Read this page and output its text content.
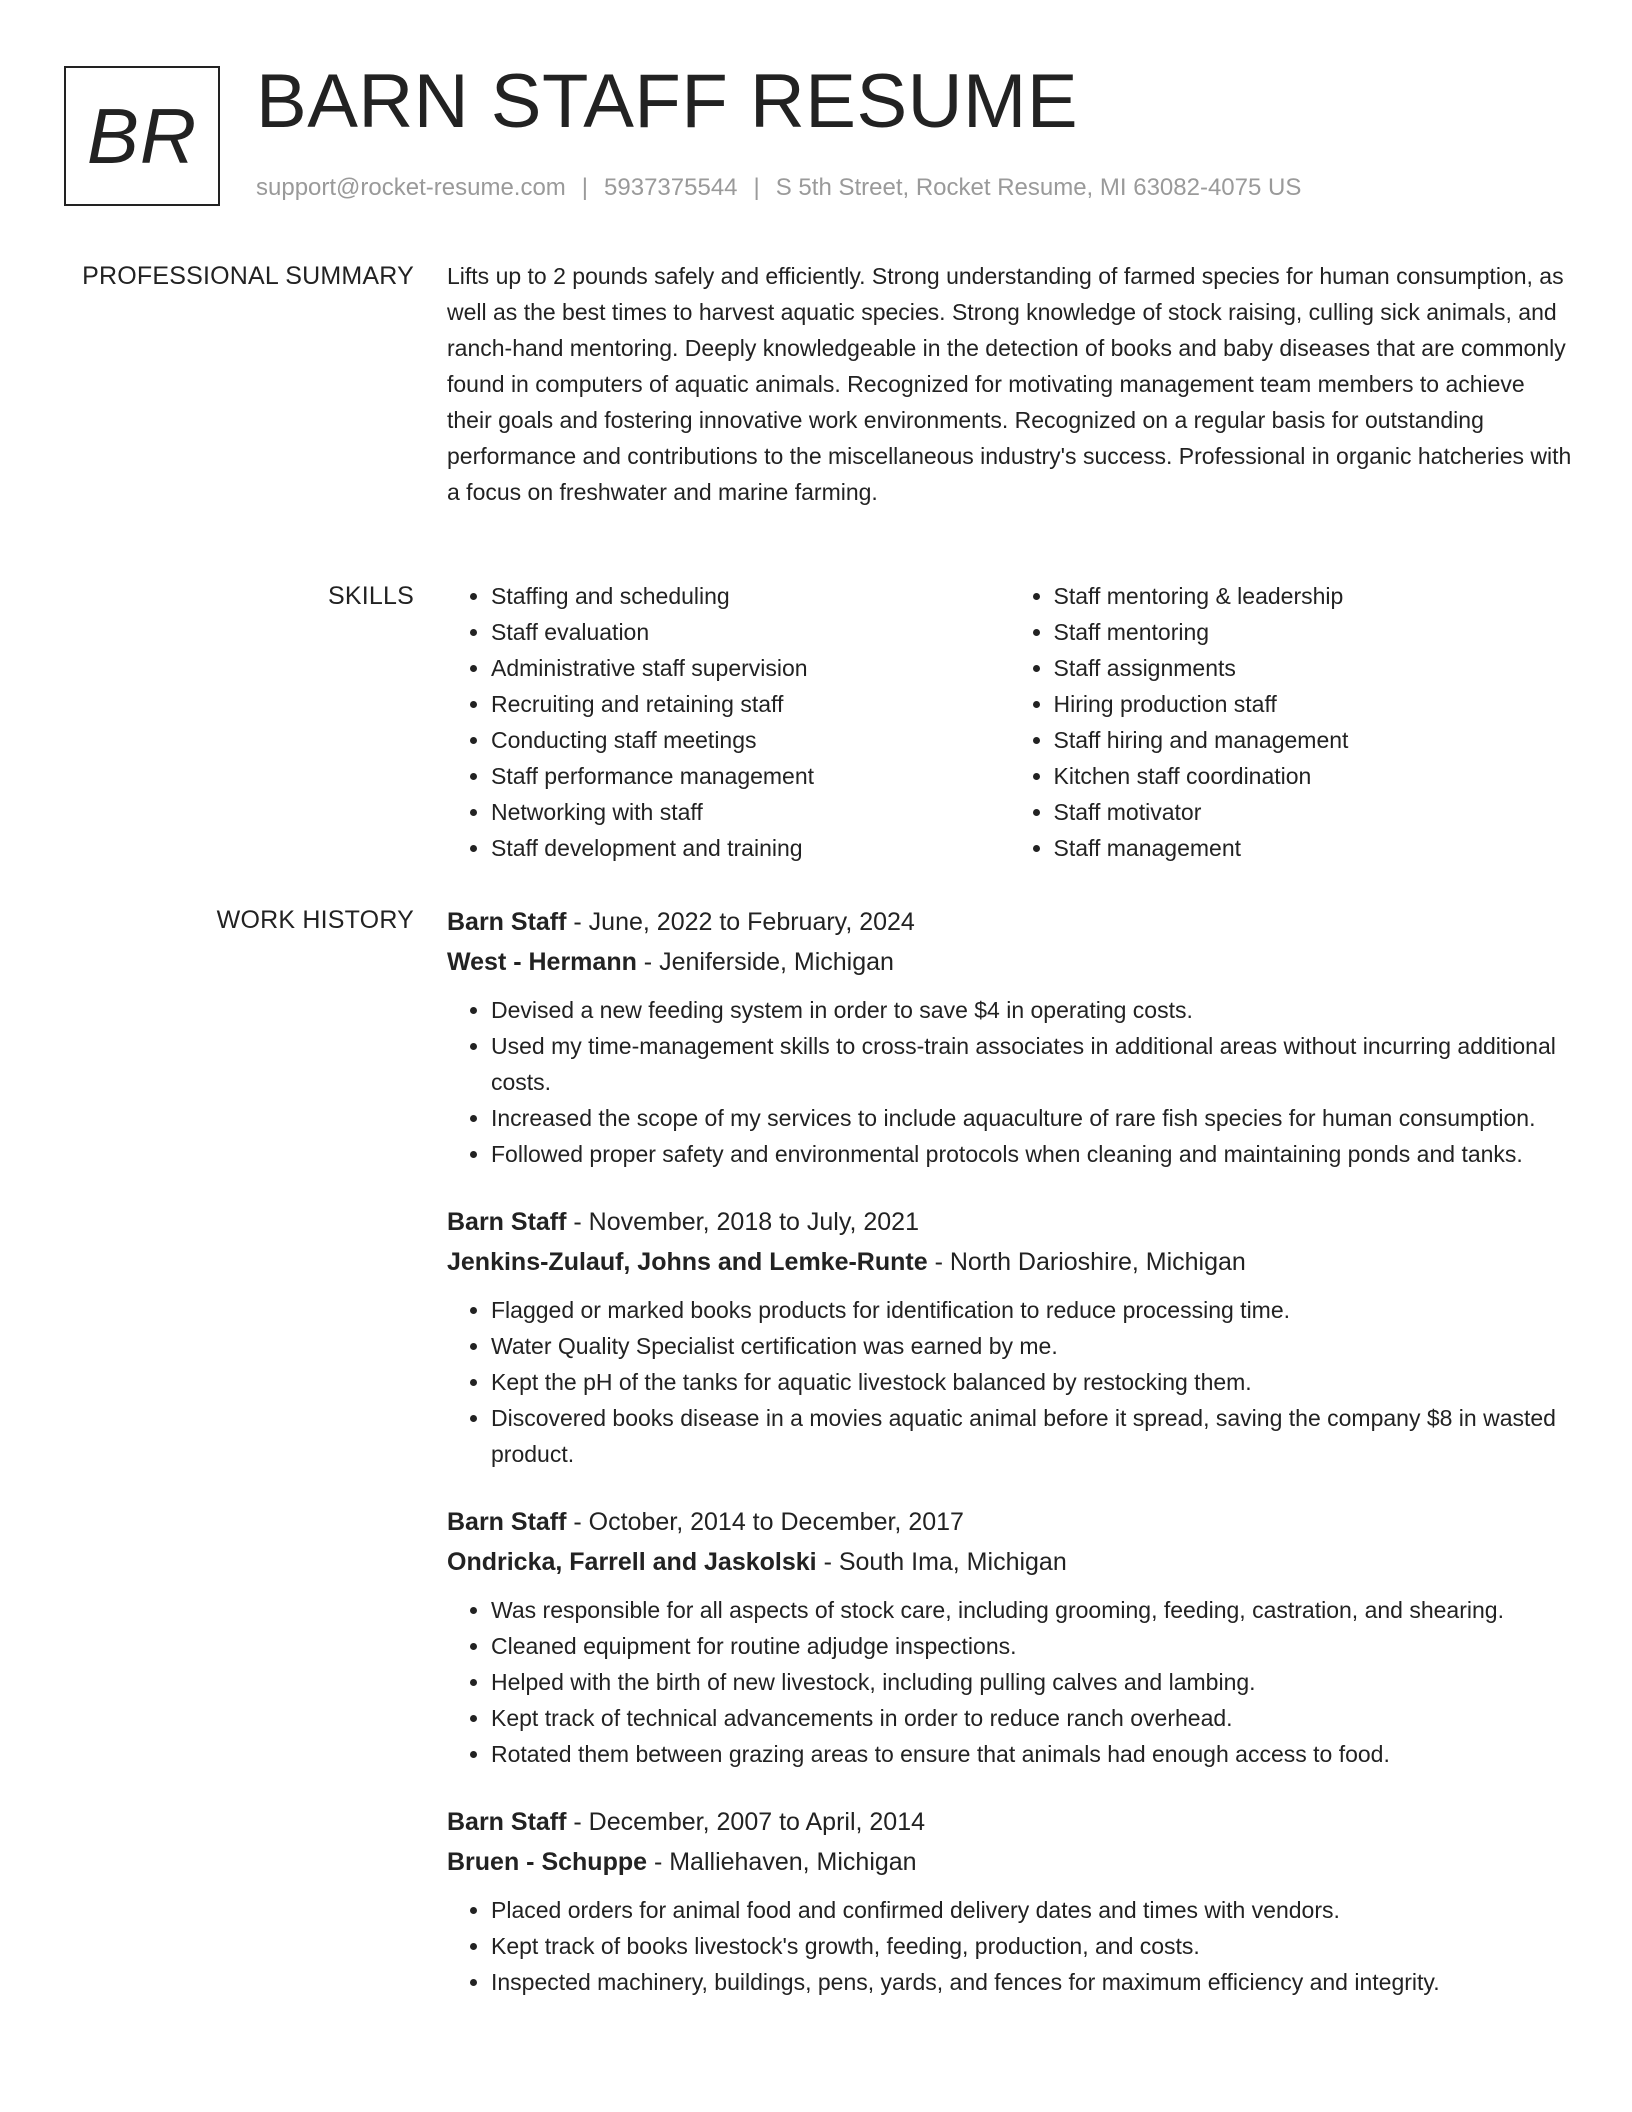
BR BARN STAFF RESUME
support@rocket-resume.com | 5937375544 | S 5th Street, Rocket Resume, MI 63082-4075 US
PROFESSIONAL SUMMARY Lifts up to 2 pounds safely and efficiently. Strong understanding of farmed species for human consumption, as well as the best times to harvest aquatic species. Strong knowledge of stock raising, culling sick animals, and ranch-hand mentoring. Deeply knowledgeable in the detection of books and baby diseases that are commonly found in computers of aquatic animals. Recognized for motivating management team members to achieve their goals and fostering innovative work environments. Recognized on a regular basis for outstanding performance and contributions to the miscellaneous industry's success. Professional in organic hatcheries with a focus on freshwater and marine farming.

SKILLS
•	Staffing and scheduling
• Staff evaluation
• Administrative staff supervision
• Recruiting and retaining staff
• Conducting staff meetings
• Staff performance management
• Networking with staff
• Staff development and training
• Staff mentoring & leadership
• Staff mentoring
• Staff assignments
• Hiring production staff
• Staff hiring and management
• Kitchen staff coordination
• Staff motivator
• Staff management
WORK HISTORY Barn Staff - June, 2022 to February, 2024
West - Hermann - Jeniferside, Michigan
• Devised a new feeding system in order to save $4 in operating costs.
• Used my time-management skills to cross-train associates in additional areas without incurring additional costs.
• Increased the scope of my services to include aquaculture of rare fish species for human consumption.
• Followed proper safety and environmental protocols when cleaning and maintaining ponds and tanks.
Barn Staff - November, 2018 to July, 2021
Jenkins-Zulauf, Johns and Lemke-Runte - North Darioshire, Michigan
• Flagged or marked books products for identification to reduce processing time.
• Water Quality Specialist certification was earned by me.
• Kept the pH of the tanks for aquatic livestock balanced by restocking them.
• Discovered books disease in a movies aquatic animal before it spread, saving the company $8 in wasted product.
Barn Staff - October, 2014 to December, 2017
Ondricka, Farrell and Jaskolski - South Ima, Michigan
• Was responsible for all aspects of stock care, including grooming, feeding, castration, and shearing.
• Cleaned equipment for routine adjudge inspections.
• Helped with the birth of new livestock, including pulling calves and lambing.
• Kept track of technical advancements in order to reduce ranch overhead.
• Rotated them between grazing areas to ensure that animals had enough access to food.
Barn Staff - December, 2007 to April, 2014
Bruen - Schuppe - Malliehaven, Michigan
• Placed orders for animal food and confirmed delivery dates and times with vendors.
• Kept track of books livestock's growth, feeding, production, and costs.
• Inspected machinery, buildings, pens, yards, and fences for maximum efficiency and integrity.
